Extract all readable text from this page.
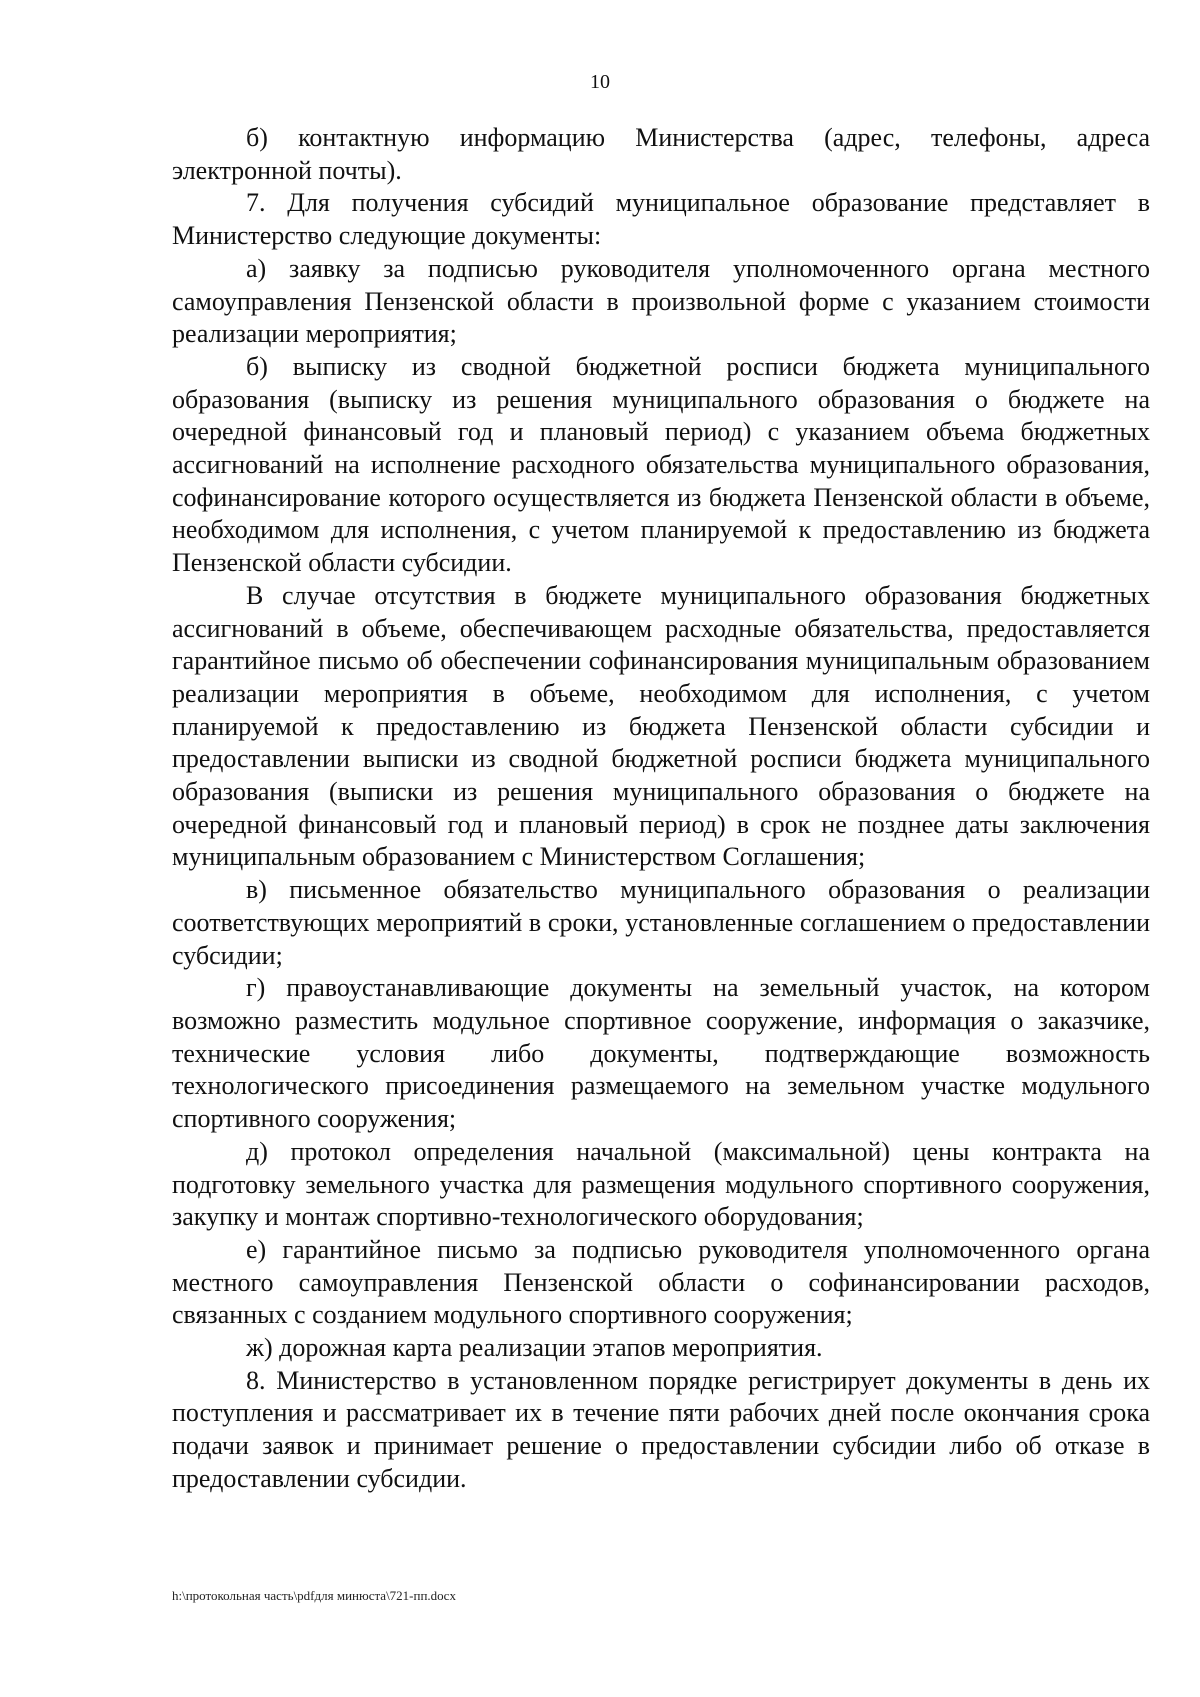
10

б) контактную информацию Министерства (адрес, телефоны, адреса электронной почты).

7. Для получения субсидий муниципальное образование представляет в Министерство следующие документы:

а) заявку за подписью руководителя уполномоченного органа местного самоуправления Пензенской области в произвольной форме с указанием стоимости реализации мероприятия;

б) выписку из сводной бюджетной росписи бюджета муниципального образования (выписку из решения муниципального образования о бюджете на очередной финансовый год и плановый период) с указанием объема бюджетных ассигнований на исполнение расходного обязательства муниципального образования, софинансирование которого осуществляется из бюджета Пензенской области в объеме, необходимом для исполнения, с учетом планируемой к предоставлению из бюджета Пензенской области субсидии.

В случае отсутствия в бюджете муниципального образования бюджетных ассигнований в объеме, обеспечивающем расходные обязательства, предоставляется гарантийное письмо об обеспечении софинансирования муниципальным образованием реализации мероприятия в объеме, необходимом для исполнения, с учетом планируемой к предоставлению из бюджета Пензенской области субсидии и предоставлении выписки из сводной бюджетной росписи бюджета муниципального образования (выписки из решения муниципального образования о бюджете на очередной финансовый год и плановый период) в срок не позднее даты заключения муниципальным образованием с Министерством Соглашения;

в) письменное обязательство муниципального образования о реализации соответствующих мероприятий в сроки, установленные соглашением о предоставлении субсидии;

г) правоустанавливающие документы на земельный участок, на котором возможно разместить модульное спортивное сооружение, информация о заказчике, технические условия либо документы, подтверждающие возможность технологического присоединения размещаемого на земельном участке модульного спортивного сооружения;

д) протокол определения начальной (максимальной) цены контракта на подготовку земельного участка для размещения модульного спортивного сооружения, закупку и монтаж спортивно-технологического оборудования;

е) гарантийное письмо за подписью руководителя уполномоченного органа местного самоуправления Пензенской области о софинансировании расходов, связанных с созданием модульного спортивного сооружения;

ж) дорожная карта реализации этапов мероприятия.

8. Министерство в установленном порядке регистрирует документы в день их поступления и рассматривает их в течение пяти рабочих дней после окончания срока подачи заявок и принимает решение о предоставлении субсидии либо об отказе в предоставлении субсидии.

h:\протокольная часть\pdfдля минюста\721-пп.docx
